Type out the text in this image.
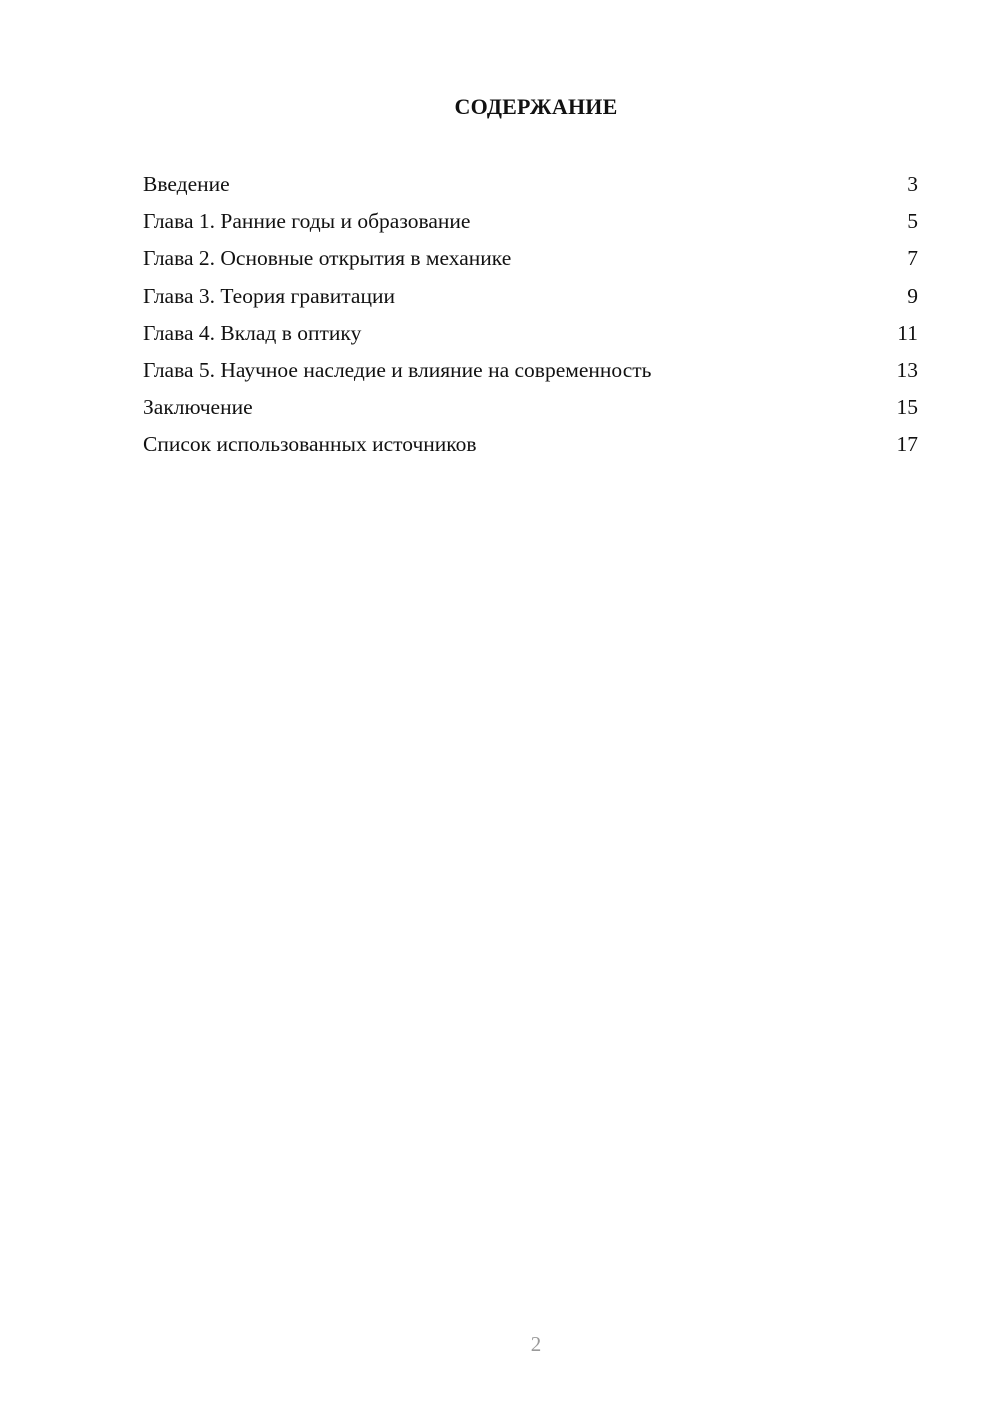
СОДЕРЖАНИЕ
Введение	3
Глава 1. Ранние годы и образование	5
Глава 2. Основные открытия в механике	7
Глава 3. Теория гравитации	9
Глава 4. Вклад в оптику	11
Глава 5. Научное наследие и влияние на современность	13
Заключение	15
Список использованных источников	17
2
